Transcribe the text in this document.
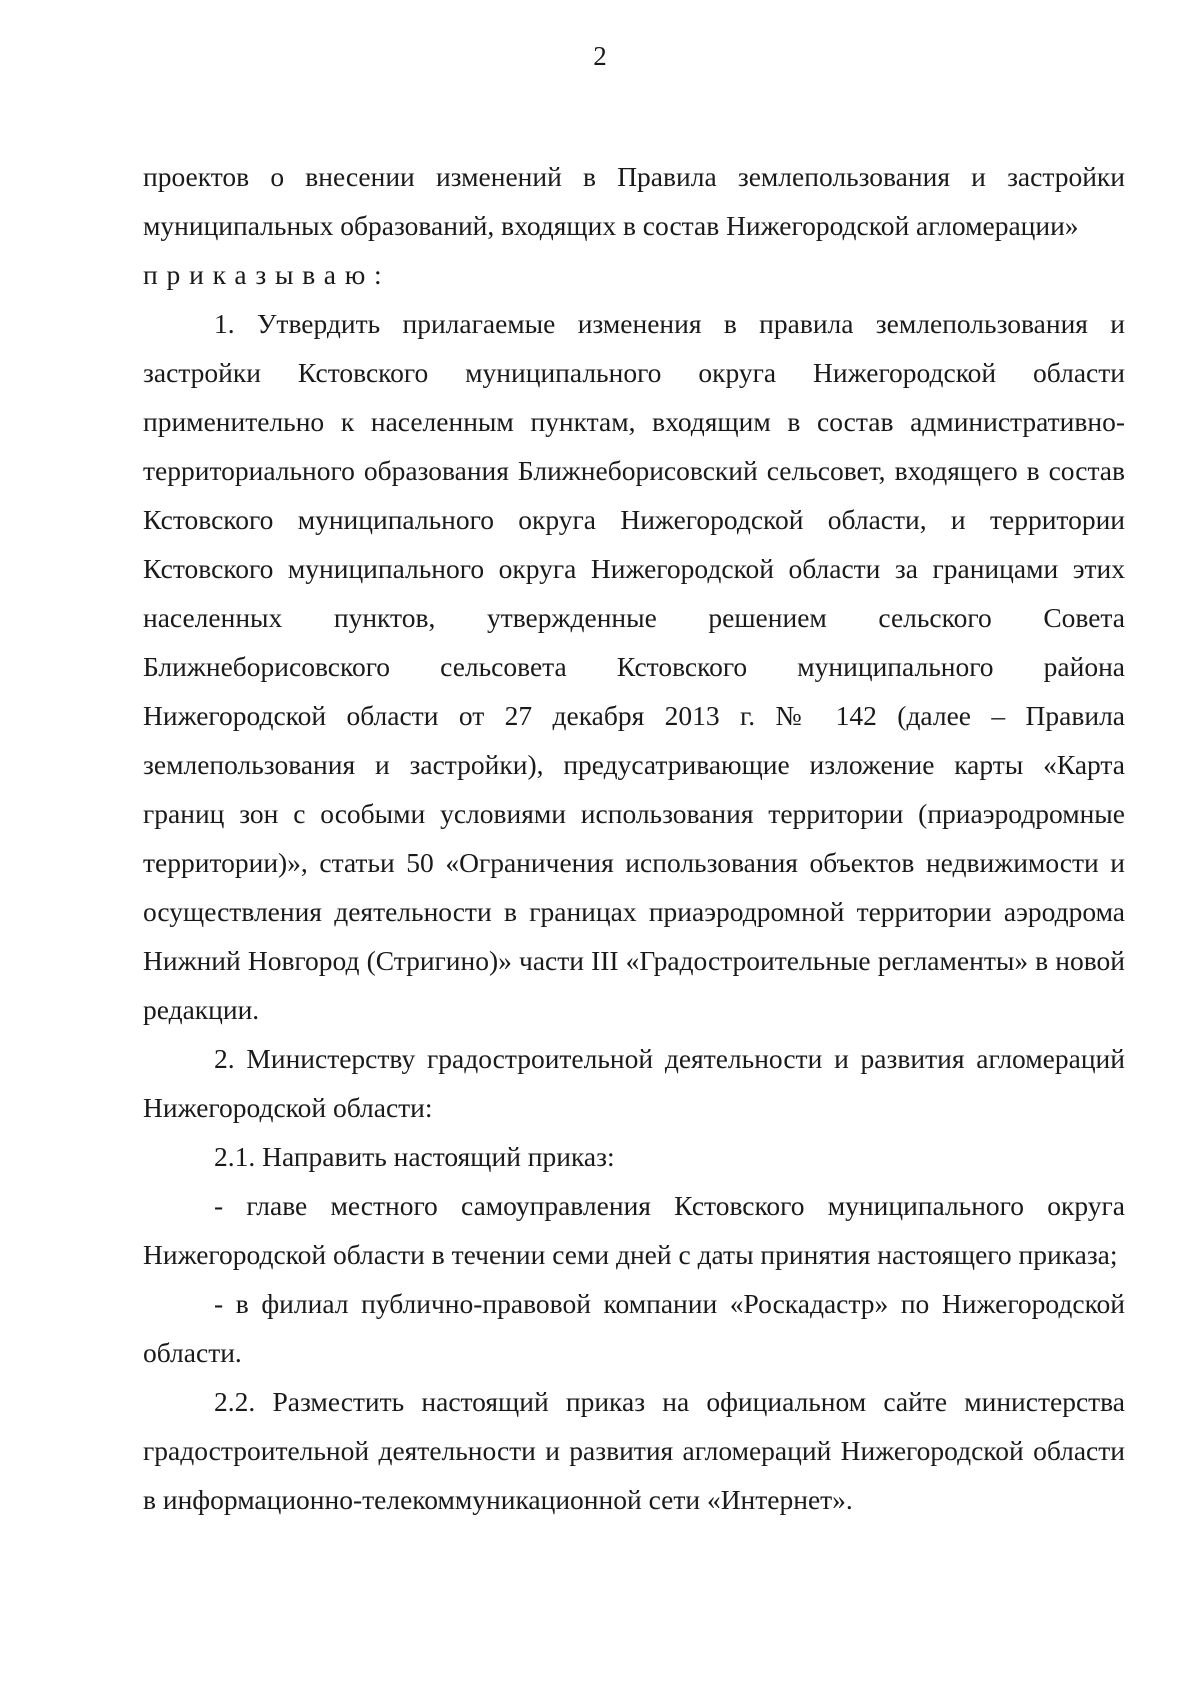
2

проектов о внесении изменений в Правила землепользования и застройки муниципальных образований, входящих в состав Нижегородской агломерации»

приказываю:

1. Утвердить прилагаемые изменения в правила землепользования и застройки Кстовского муниципального округа Нижегородской области применительно к населенным пунктам, входящим в состав административно-территориального образования Ближнеборисовский сельсовет, входящего в состав Кстовского муниципального округа Нижегородской области, и территории Кстовского муниципального округа Нижегородской области за границами этих населенных пунктов, утвержденные решением сельского Совета Ближнеборисовского сельсовета Кстовского муниципального района Нижегородской области от 27 декабря 2013 г. № 142 (далее – Правила землепользования и застройки), предусатривающие изложение карты «Карта границ зон с особыми условиями использования территории (приаэродромные территории)», статьи 50 «Ограничения использования объектов недвижимости и осуществления деятельности в границах приаэродромной территории аэродрома Нижний Новгород (Стригино)» части III «Градостроительные регламенты» в новой редакции.

2. Министерству градостроительной деятельности и развития агломераций Нижегородской области:

2.1. Направить настоящий приказ:

- главе местного самоуправления Кстовского муниципального округа Нижегородской области в течении семи дней с даты принятия настоящего приказа;

- в филиал публично-правовой компании «Роскадастр» по Нижегородской области.

2.2. Разместить настоящий приказ на официальном сайте министерства градостроительной деятельности и развития агломераций Нижегородской области в информационно-телекоммуникационной сети «Интернет».
